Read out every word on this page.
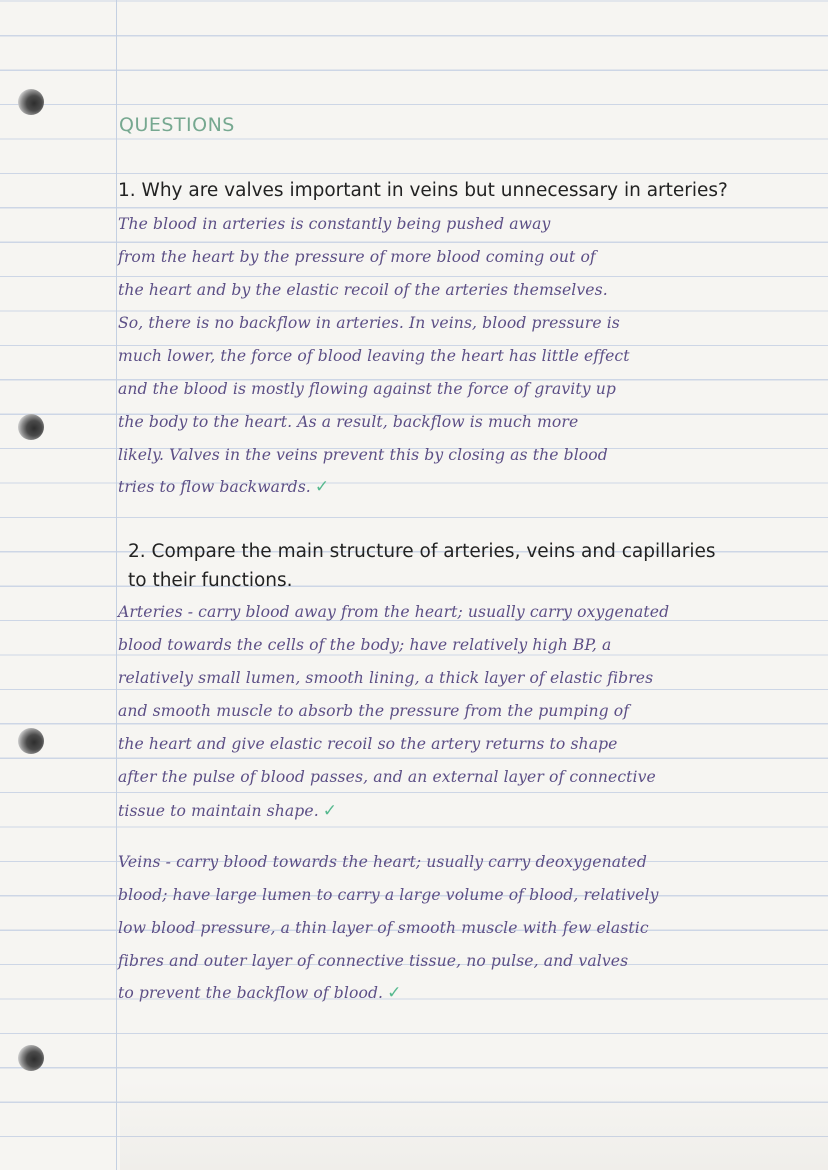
QUESTIONS
1. Why are valves important in veins but unnecessary in arteries?
The blood in arteries is constantly being pushed away
from the heart by the pressure of more blood coming out of
the heart and by the elastic recoil of the arteries themselves.
So, there is no backflow in arteries. In veins, blood pressure is
much lower, the force of blood leaving the heart has little effect
and the blood is mostly flowing against the force of gravity up
the body to the heart. As a result, backflow is much more
likely. Valves in the veins prevent this by closing as the blood
tries to flow backwards. ✓
2. Compare the main structure of arteries, veins and capillaries
to their functions.
Arteries - carry blood away from the heart; usually carry oxygenated
blood towards the cells of the body; have relatively high BP, a
relatively small lumen, smooth lining, a thick layer of elastic fibres
and smooth muscle to absorb the pressure from the pumping of
the heart and give elastic recoil so the artery returns to shape
after the pulse of blood passes, and an external layer of connective
tissue to maintain shape. ✓
Veins - carry blood towards the heart; usually carry deoxygenated
blood; have large lumen to carry a large volume of blood, relatively
low blood pressure, a thin layer of smooth muscle with few elastic
fibres and outer layer of connective tissue, no pulse, and valves
to prevent the backflow of blood. ✓
